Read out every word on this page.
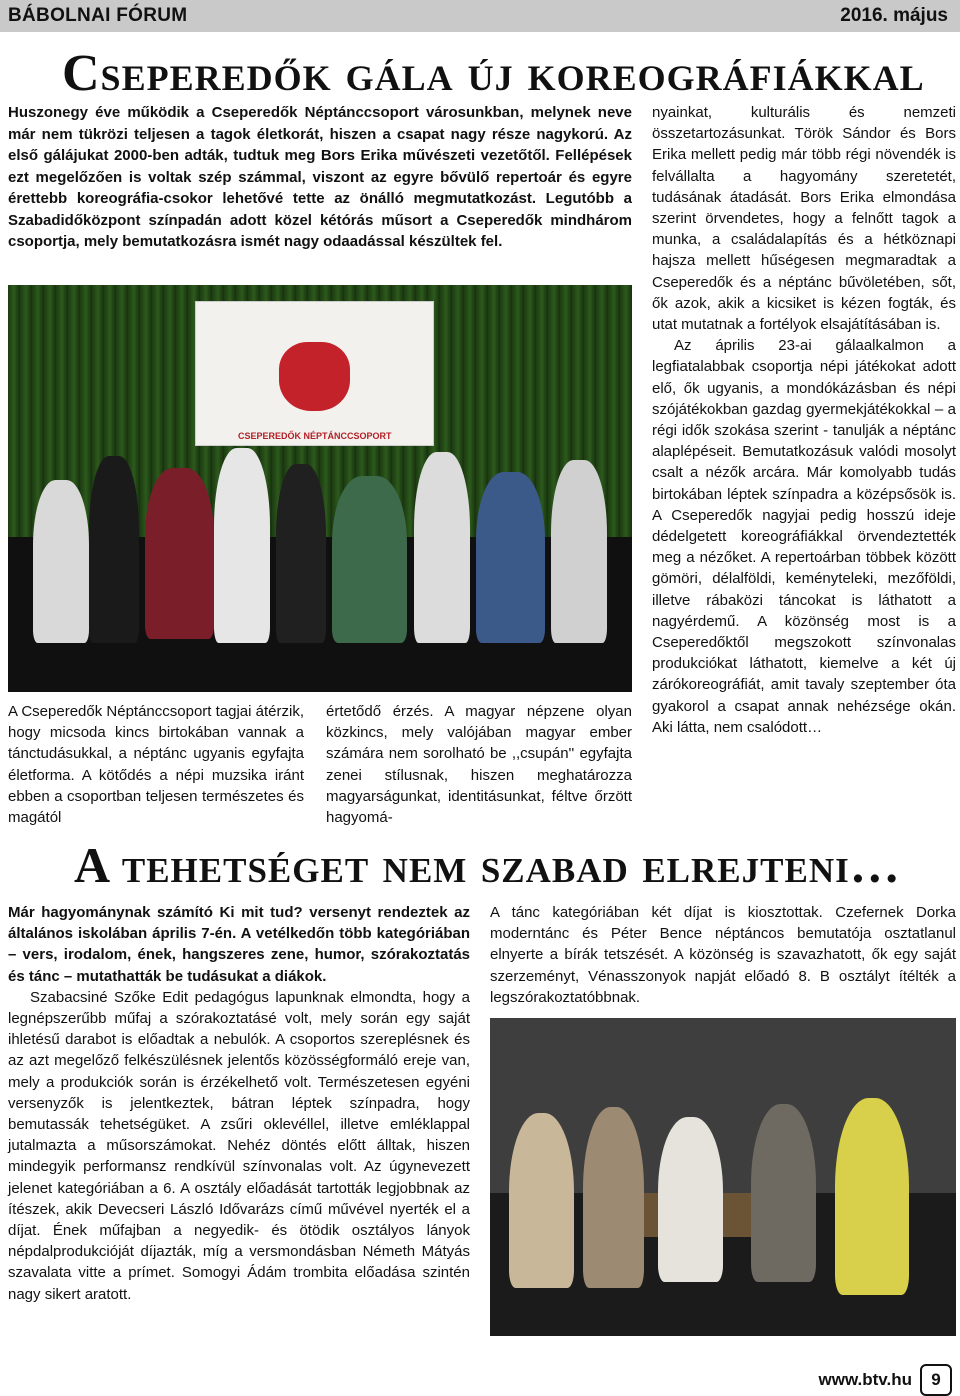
BÁBOLNAI FÓRUM	2016. május
Cseperedők gála új koreográfiákkal

Huszonegy éve működik a Cseperedők Néptánccsoport városunkban, melynek neve már nem tükrözi teljesen a tagok életkorát, hiszen a csapat nagy része nagykorú. Az első gálájukat 2000-ben adták, tudtuk meg Bors Erika művészeti vezetőtől. Fellépések ezt megelőzően is voltak szép számmal, viszont az egyre bővülő repertoár és egyre érettebb koreográfia-csokor lehetővé tette az önálló megmutatkozást. Legutóbb a Szabadidőközpont színpadán adott közel kétórás műsort a Cseperedők mindhárom csoportja, mely bemutatkozásra ismét nagy odaadással készültek fel.

CSEPEREDŐK NÉPTÁNCCSOPORT

A Cseperedők Néptánccsoport tagjai átérzik, hogy micsoda kincs birtokában vannak a tánctudásukkal, a néptánc ugyanis egyfajta életforma. A kötődés a népi muzsika iránt ebben a csoportban teljesen természetes és magától

értetődő érzés. A magyar népzene olyan közkincs, mely valójában magyar ember számára nem sorolható be ,,csupán'' egyfajta zenei stílusnak, hiszen meghatározza magyarságunkat, identitásunkat, féltve őrzött hagyomá-

nyainkat, kulturális és nemzeti összetartozásunkat. Török Sándor és Bors Erika mellett pedig már több régi növendék is felvállalta a hagyomány szeretetét, tudásának átadását. Bors Erika elmondása szerint örvendetes, hogy a felnőtt tagok a munka, a családalapítás és a hétköznapi hajsza mellett hűségesen megmaradtak a Cseperedők és a néptánc bűvöletében, sőt, ők azok, akik a kicsiket is kézen fogták, és utat mutatnak a fortélyok elsajátításában is.

Az április 23-ai gálaalkalmon a legfiatalabbak csoportja népi játékokat adott elő, ők ugyanis, a mondókázásban és népi szójátékokban gazdag gyermekjátékokkal – a régi idők szokása szerint - tanulják a néptánc alaplépéseit. Bemutatkozásuk valódi mosolyt csalt a nézők arcára. Már komolyabb tudás birtokában léptek színpadra a középsősök is. A Cseperedők nagyjai pedig hosszú ideje dédelgetett koreográfiákkal örvendeztették meg a nézőket. A repertoárban többek között gömöri, délalföldi, keményteleki, mezőföldi, illetve rábaközi táncokat is láthatott a nagyérdemű. A közönség most is a Cseperedőktől megszokott színvonalas produkciókat láthatott, kiemelve a két új zárókoreográfiát, amit tavaly szeptember óta gyakorol a csapat annak nehézsége okán. Aki látta, nem csalódott…

A tehetséget nem szabad elrejteni…

Már hagyománynak számító Ki mit tud? versenyt rendeztek az általános iskolában április 7-én. A vetélkedőn több kategóriában – vers, irodalom, ének, hangszeres zene, humor, szórakoztatás és tánc – mutathatták be tudásukat a diákok.

Szabacsiné Szőke Edit pedagógus lapunknak elmondta, hogy a legnépszerűbb műfaj a szórakoztatásé volt, mely során egy saját ihletésű darabot is előadtak a nebulók. A csoportos szereplésnek és az azt megelőző felkészülésnek jelentős közösségformáló ereje van, mely a produkciók során is érzékelhető volt. Természetesen egyéni versenyzők is jelentkeztek, bátran léptek színpadra, hogy bemutassák tehetségüket. A zsűri oklevéllel, illetve emléklappal jutalmazta a műsorszámokat. Nehéz döntés előtt álltak, hiszen mindegyik performansz rendkívül színvonalas volt. Az úgynevezett jelenet kategóriában a 6. A osztály előadását tartották legjobbnak az ítészek, akik Devecseri László Idővarázs című művével nyerték el a díjat. Ének műfajban a negyedik- és ötödik osztályos lányok népdalprodukcióját díjazták, míg a versmondásban Németh Mátyás szavalata vitte a prímet. Somogyi Ádám trombita előadása szintén nagy sikert aratott.

A tánc kategóriában két díjat is kiosztottak. Czefernek Dorka moderntánc és Péter Bence néptáncos bemutatója osztatlanul elnyerte a bírák tetszését. A közönség is szavazhatott, ők egy saját szerzeményt, Vénasszonyok napját előadó 8. B osztályt ítélték a legszórakoztatóbbnak.

www.btv.hu	9
